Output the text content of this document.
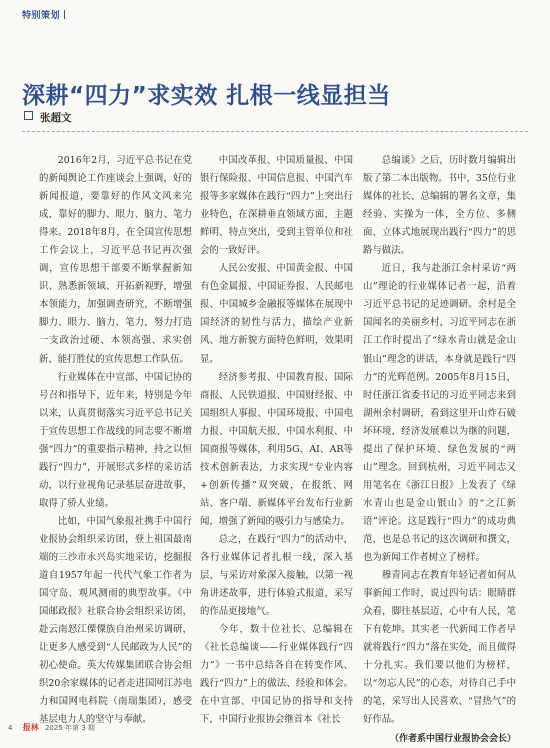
特别策划
深耕“四力”求实效 扎根一线显担当
张超文

2016年2月，习近平总书记在党的新闻舆论工作座谈会上强调，好的新闻报道，要靠好的作风文风来完成，靠好的脚力、眼力、脑力、笔力得来。2018年8月，在全国宣传思想工作会议上，习近平总书记再次强调，宣传思想干部要不断掌握新知识、熟悉新领域、开拓新视野，增强本领能力，加强调查研究，不断增强脚力、眼力、脑力、笔力，努力打造一支政治过硬、本领高强、求实创新、能打胜仗的宣传思想工作队伍。

行业媒体在中宣部、中国记协的号召和指导下，近年来，特别是今年以来，认真贯彻落实习近平总书记关于宣传思想工作战线的同志要不断增强“四力”的重要指示精神，持之以恒践行“四力”，开展形式多样的采访活动，以行业视角记录基层奋进故事，取得了骄人业绩。

比如，中国气象报社携手中国行业报协会组织采访团，登上祖国最南端的三沙市永兴岛实地采访，挖掘报道自1957年起一代代气象工作者为国守岛、观风测雨的典型故事。《中国邮政报》社联合协会组织采访团，赴云南怒江傈僳族自治州采访调研，让更多人感受到“人民邮政为人民”的初心使命。英大传媒集团联合协会组织20余家媒体的记者走进国网江苏电力和国网电科院（南瑞集团），感受基层电力人的坚守与奉献。

中国改革报、中国质量报、中国银行保险报、中国信息报、中国汽车报等多家媒体在践行“四力”上突出行业特色，在深耕垂直领域方面，主题鲜明、特点突出，受到主管单位和社会的一致好评。

人民公安报、中国黄金报、中国有色金属报、中国证券报、人民邮电报、中国城乡金融报等媒体在展现中国经济的韧性与活力，描绘产业新风、地方新貌方面特色鲜明，效果明显。

经济参考报、中国教育报、国际商报、人民铁道报、中国财经报、中国组织人事报、中国环境报、中国电力报、中国航天报、中国水利报、中国商报等媒体，利用5G、AI、AR等技术创新表达，力求实现“专业内容+创新传播”双突破，在报纸、网站、客户端、新媒体平台发布行业新闻，增强了新闻的吸引力与感染力。

总之，在践行“四力”的活动中，各行业媒体记者扎根一线，深入基层，与采访对象深入接触，以第一视角讲述故事，进行体验式报道，采写的作品更接地气。

今年，数十位社长、总编辑在《社长总编谈——行业媒体践行“四力”》一书中总结各自在转变作风、践行“四力”上的做法、经验和体会。在中宣部、中国记协的指导和支持下，中国行业报协会继首本《社长

总编谈》之后，历时数月编辑出版了第二本出版物。书中，35位行业媒体的社长、总编辑的署名文章，集经验、实操为一体，全方位、多侧面、立体式地展现出践行“四力”的思路与做法。

近日，我与赴浙江余村采访“两山”理论的行业媒体记者一起，沿着习近平总书记的足迹调研。余村是全国闻名的美丽乡村，习近平同志在浙江工作时提出了“绿水青山就是金山银山”理念的讲话，本身就是践行“四力”的光辉范例。2005年8月15日，时任浙江省委书记的习近平同志来到湖州余村调研，看到这里开山炸石破坏环境，经济发展难以为继的问题，提出了保护环境、绿色发展的“两山”理念。回到杭州，习近平同志又用笔名在《浙江日报》上发表了《绿水青山也是金山银山》的“之江新语”评论。这是践行“四力”的成功典范，也是总书记的这次调研和撰文，也为新闻工作者树立了榜样。

穆青同志在教育年轻记者如何从事新闻工作时，说过四句话：眼睛群众看，脚往基层迈，心中有人民，笔下有乾坤。其实老一代新闻工作者早就将践行“四力”落在实处，而且做得十分扎实。我们要以他们为榜样，以“勿忘人民”的心态，对待自己手中的笔，采写出人民喜欢、“冒热气”的好作品。

（作者系中国行业报协会会长）

4 报林 2025 年第 3 期
